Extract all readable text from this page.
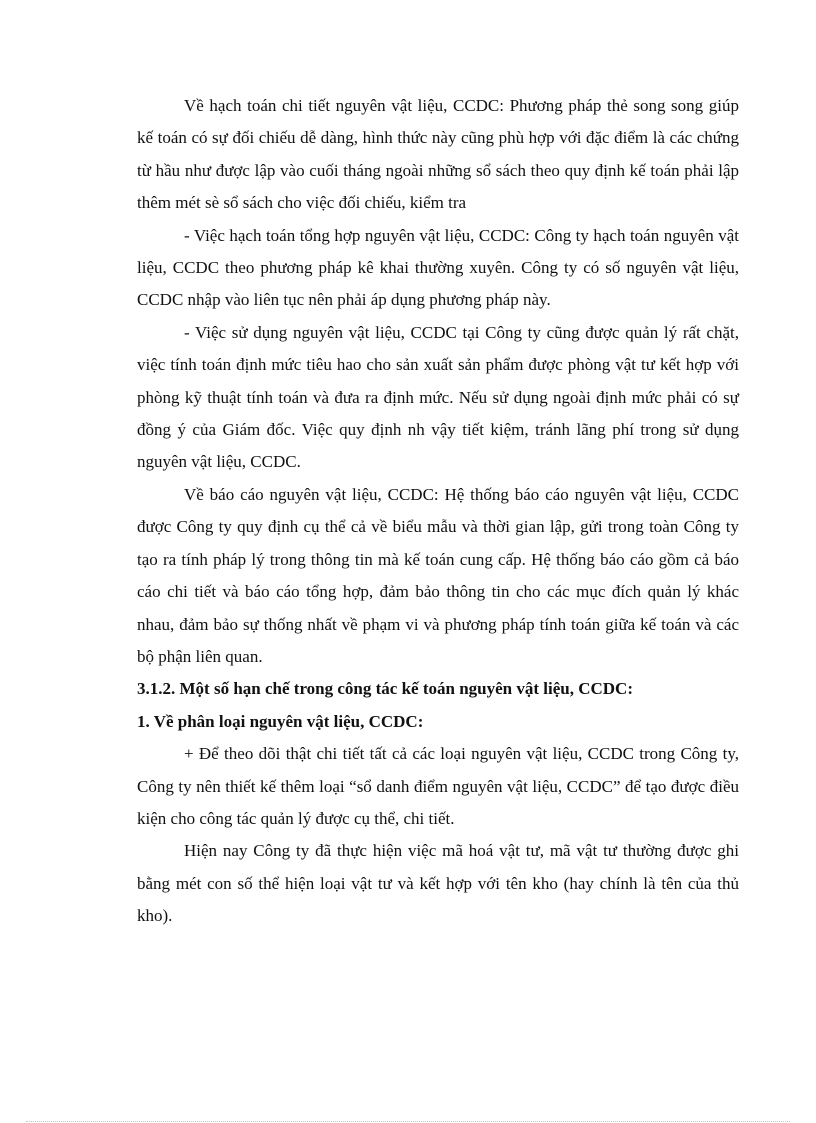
Về hạch toán chi tiết nguyên vật liệu, CCDC: Phương pháp thẻ song song giúp kế toán có sự đối chiếu dễ dàng, hình thức này cũng phù hợp với đặc điểm là các chứng từ hầu như được lập vào cuối tháng ngoài những sổ sách theo quy định kế toán phải lập thêm mét sè sổ sách cho việc đối chiếu, kiểm tra

- Việc hạch toán tổng hợp nguyên vật liệu, CCDC: Công ty hạch toán nguyên vật liệu, CCDC theo phương pháp kê khai thường xuyên. Công ty có số nguyên vật liệu, CCDC nhập vào liên tục nên phải áp dụng phương pháp này.

- Việc sử dụng nguyên vật liệu, CCDC tại Công ty cũng được quản lý rất chặt, việc tính toán định mức tiêu hao cho sản xuất sản phẩm được phòng vật tư kết hợp với phòng kỹ thuật tính toán và đưa ra định mức. Nếu sử dụng ngoài định mức phải có sự đồng ý của Giám đốc. Việc quy định nh vậy tiết kiệm, tránh lãng phí trong sử dụng nguyên vật liệu, CCDC.

Về báo cáo nguyên vật liệu, CCDC: Hệ thống báo cáo nguyên vật liệu, CCDC được Công ty quy định cụ thể cả về biểu mẫu và thời gian lập, gửi trong toàn Công ty tạo ra tính pháp lý trong thông tin mà kế toán cung cấp. Hệ thống báo cáo gồm cả báo cáo chi tiết và báo cáo tổng hợp, đảm bảo thông tin cho các mục đích quản lý khác nhau, đảm bảo sự thống nhất về phạm vi và phương pháp tính toán giữa kế toán và các bộ phận liên quan.

3.1.2. Một số hạn chế trong công tác kế toán nguyên vật liệu, CCDC:

1. Về phân loại nguyên vật liệu, CCDC:

+ Để theo dõi thật chi tiết tất cả các loại nguyên vật liệu, CCDC trong Công ty, Công ty nên thiết kế thêm loại “sổ danh điểm nguyên vật liệu, CCDC” để tạo được điều kiện cho công tác quản lý được cụ thể, chi tiết.

Hiện nay Công ty đã thực hiện việc mã hoá vật tư, mã vật tư thường được ghi bằng mét con số thể hiện loại vật tư và kết hợp với tên kho (hay chính là tên của thủ kho).
